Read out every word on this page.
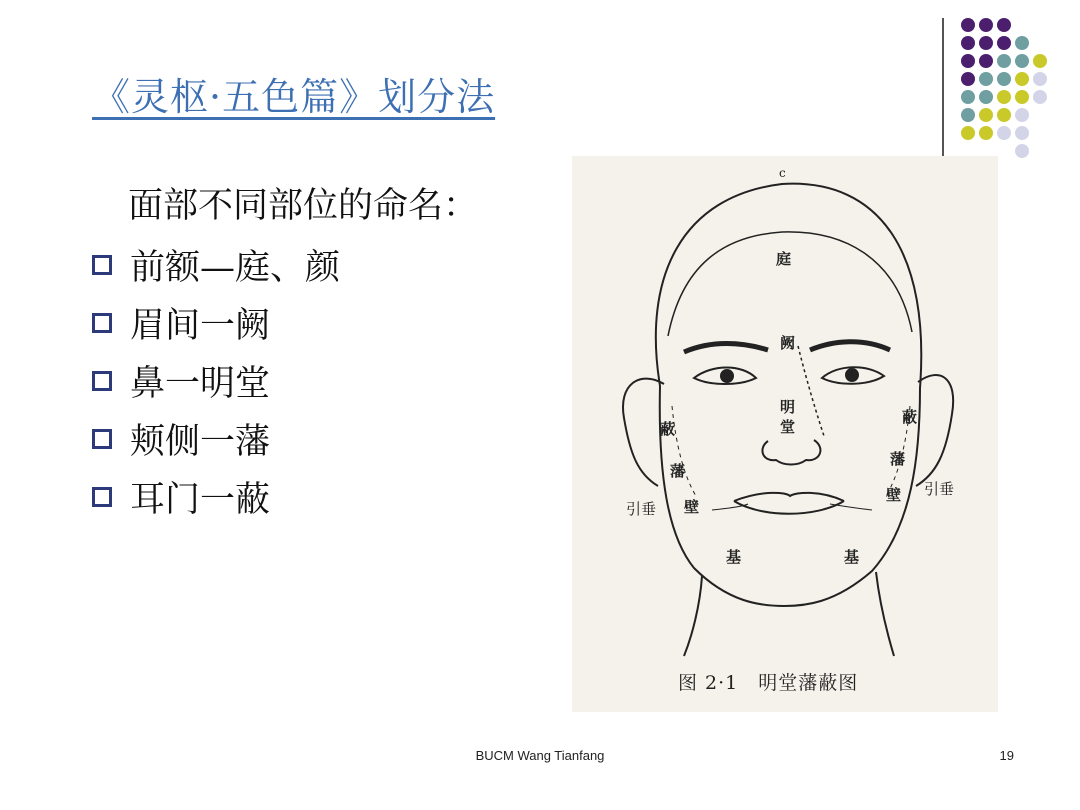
《灵枢·五色篇》划分法
面部不同部位的命名：
前额—庭、颜
眉间一阙
鼻一明堂
颊侧一藩
耳门一蔽
c
庭
阙
明
堂
蔽
蔽
藩
藩
引垂
引垂
壁
壁
基	基
图 2·1　明堂藩蔽图
BUCM Wang Tianfang	19
